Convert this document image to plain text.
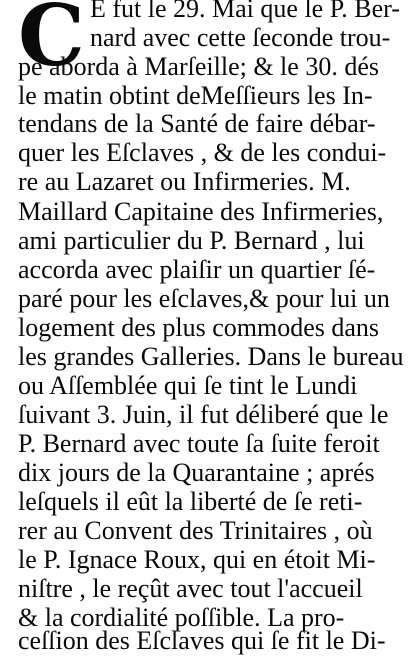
C E fut le 29. Mai que le P. Ber-
nard avec cette ſeconde trou-
pe aborda à Marſeille; & le 30. dés
le matin obtint deMeſſieurs les In-
tendans de la Santé de faire débar-
quer les Eſclaves , & de les condui-
re au Lazaret ou Infirmeries. M.
Maillard Capitaine des Infirmeries,
ami particulier du P. Bernard , lui
accorda avec plaiſir un quartier ſé-
paré pour les eſclaves,& pour lui un
logement des plus commodes dans
les grandes Galleries. Dans le bureau
ou Aſſemblée qui ſe tint le Lundi
ſuivant 3. Juin, il fut déliberé que le
P. Bernard avec toute ſa ſuite feroit
dix jours de la Quarantaine ; aprés
leſquels il eût la liberté de ſe reti-
rer au Convent des Trinitaires , où
le P. Ignace Roux, qui en étoit Mi-
niſtre , le reçût avec tout l'accueil
& la cordialité poſſible. La pro-
ceſſion des Eſclaves qui ſe fit le Di-
